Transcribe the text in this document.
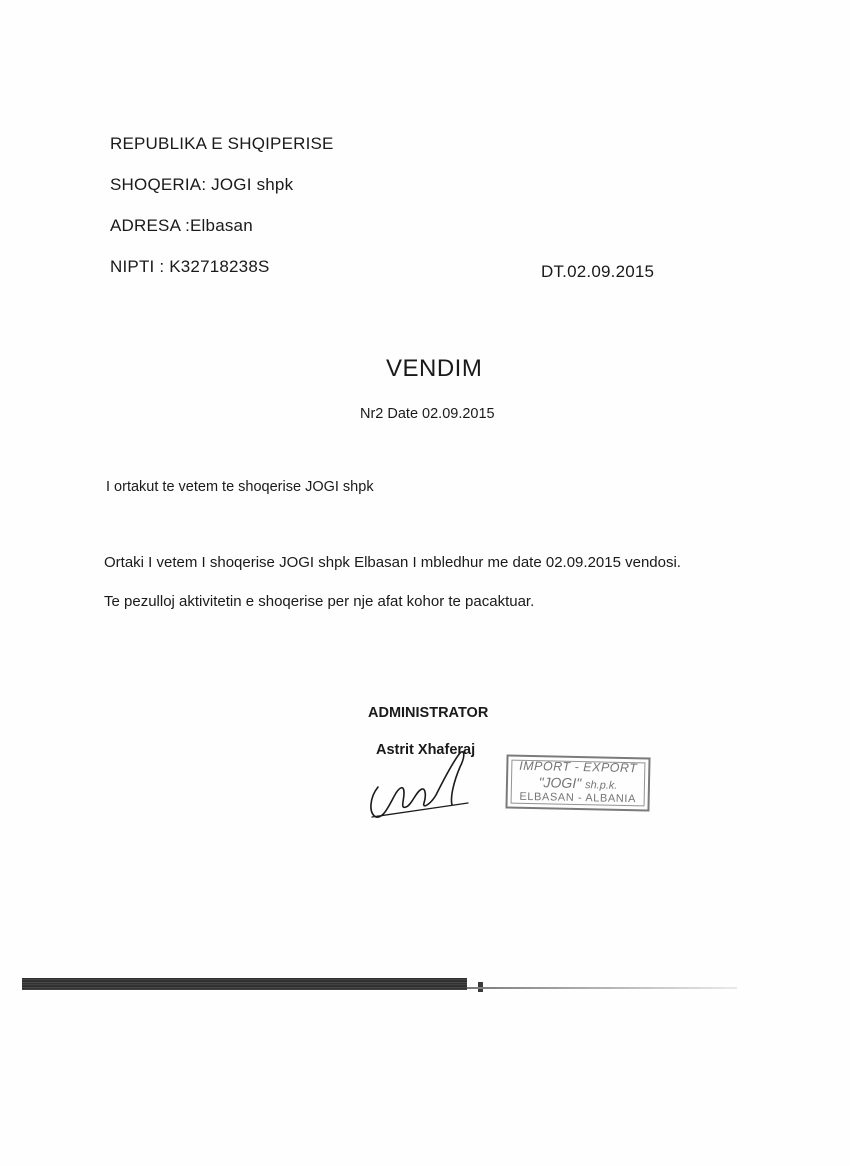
REPUBLIKA E SHQIPERISE
SHOQERIA: JOGI shpk
ADRESA :Elbasan
NIPTI : K32718238S	DT.02.09.2015
VENDIM
Nr2 Date 02.09.2015
I ortakut te vetem te shoqerise JOGI shpk
Ortaki I vetem I shoqerise JOGI shpk Elbasan I mbledhur me date 02.09.2015 vendosi.
Te pezulloj aktivitetin e shoqerise per nje afat kohor te pacaktuar.
ADMINISTRATOR
Astrit Xhaferaj
IMPORT - EXPORT
"JOGI" sh.p.k.
ELBASAN - ALBANIA
